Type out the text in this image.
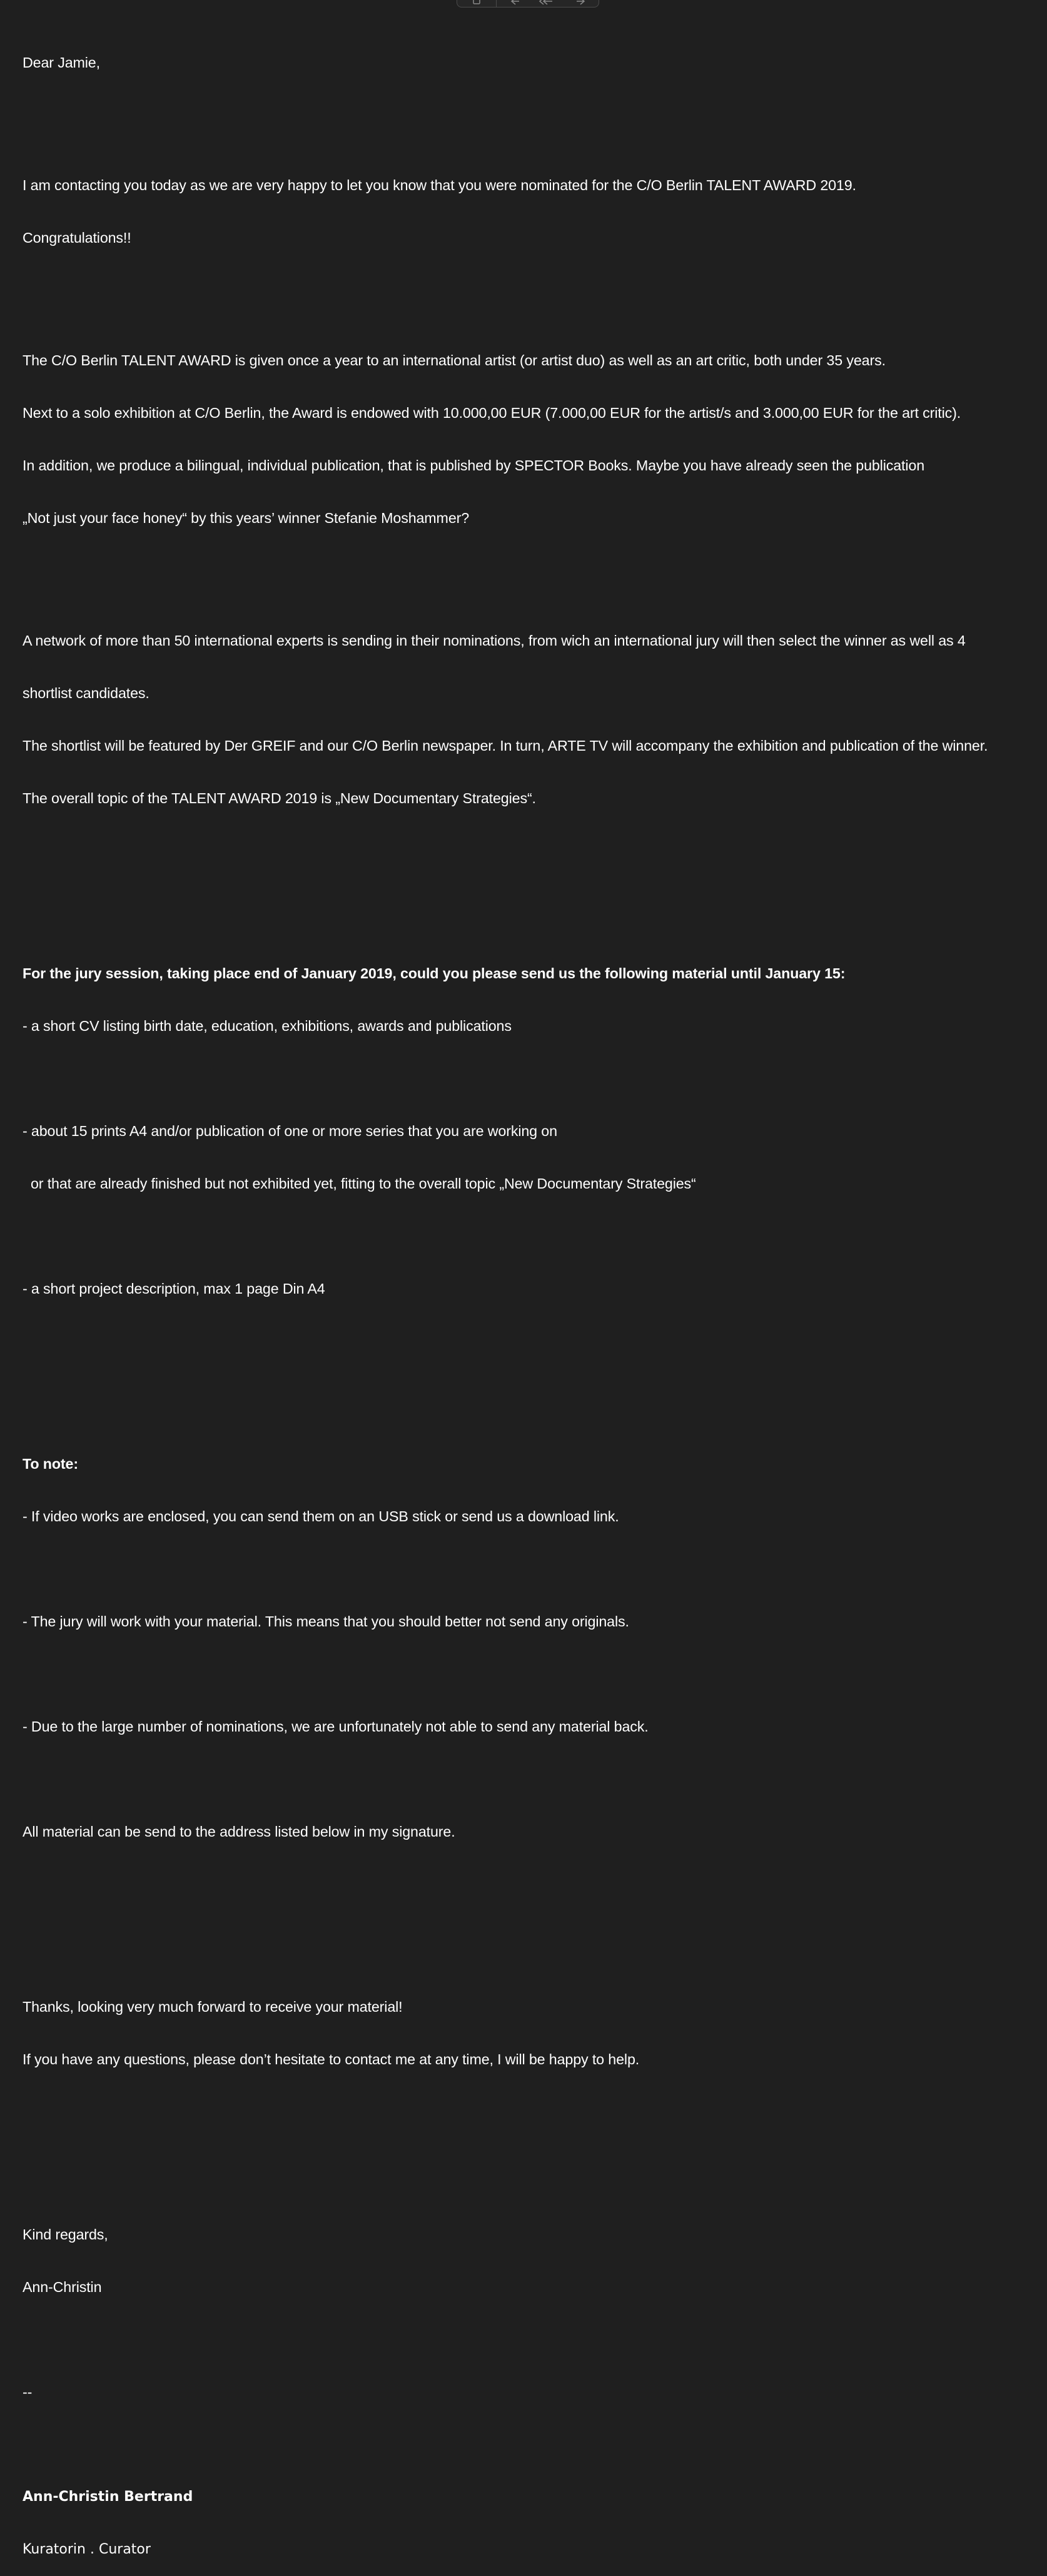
Dear Jamie,

I am contacting you today as we are very happy to let you know that you were nominated for the C/O Berlin TALENT AWARD 2019.

Congratulations!!

The C/O Berlin TALENT AWARD is given once a year to an international artist (or artist duo) as well as an art critic, both under 35 years.

Next to a solo exhibition at C/O Berlin, the Award is endowed with 10.000,00 EUR (7.000,00 EUR for the artist/s and 3.000,00 EUR for the art critic).

In addition, we produce a bilingual, individual publication, that is published by SPECTOR Books. Maybe you have already seen the publication

„Not just your face honey“ by this years’ winner Stefanie Moshammer?

A network of more than 50 international experts is sending in their nominations, from wich an international jury will then select the winner as well as 4

shortlist candidates.

The shortlist will be featured by Der GREIF and our C/O Berlin newspaper. In turn, ARTE TV will accompany the exhibition and publication of the winner.

The overall topic of the TALENT AWARD 2019 is „New Documentary Strategies“.

For the jury session, taking place end of January 2019, could you please send us the following material until January 15:

- a short CV listing birth date, education, exhibitions, awards and publications

- about 15 prints A4 and/or publication of one or more series that you are working on

or that are already finished but not exhibited yet, fitting to the overall topic „New Documentary Strategies“

- a short project description, max 1 page Din A4

To note:

- If video works are enclosed, you can send them on an USB stick or send us a download link.

- The jury will work with your material. This means that you should better not send any originals.

- Due to the large number of nominations, we are unfortunately not able to send any material back.

All material can be send to the address listed below in my signature.

Thanks, looking very much forward to receive your material!

If you have any questions, please don’t hesitate to contact me at any time, I will be happy to help.

Kind regards,

Ann-Christin

--

Ann-Christin Bertrand

Kuratorin . Curator
